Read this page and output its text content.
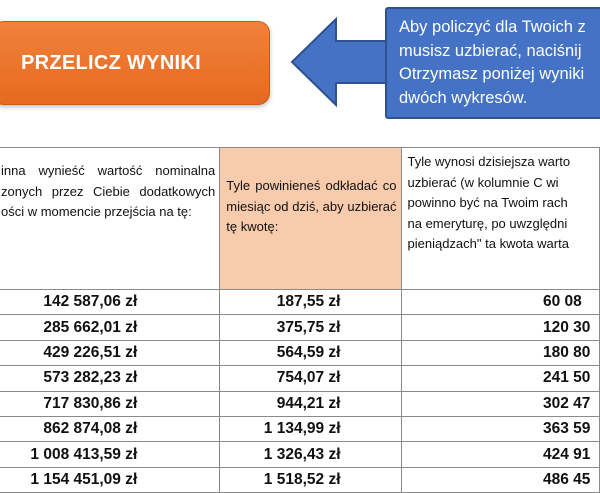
PRZELICZ WYNIKI
Aby policzyć dla Twoich z
musisz uzbierać, naciśnij
Otrzymasz poniżej wyniki
dwóch wykresów.
inna wynieść wartość nominalna zonych przez Ciebie dodatkowych ości w momencie przejścia na tę:	Tyle powinieneś odkładać co miesiąc od dziś, aby uzbierać tę kwotę:	Tyle wynosi dzisiejsza warto
uzbierać (w kolumnie C wi
powinno być na Twoim rach
na emeryturę, po uwzględni
pieniądzach" ta kwota warta
142 587,06 zł	187,55 zł	60 08
285 662,01 zł	375,75 zł	120 30
429 226,51 zł	564,59 zł	180 80
573 282,23 zł	754,07 zł	241 50
717 830,86 zł	944,21 zł	302 47
862 874,08 zł	1 134,99 zł	363 59
1 008 413,59 zł	1 326,43 zł	424 91
1 154 451,09 zł	1 518,52 zł	486 45
